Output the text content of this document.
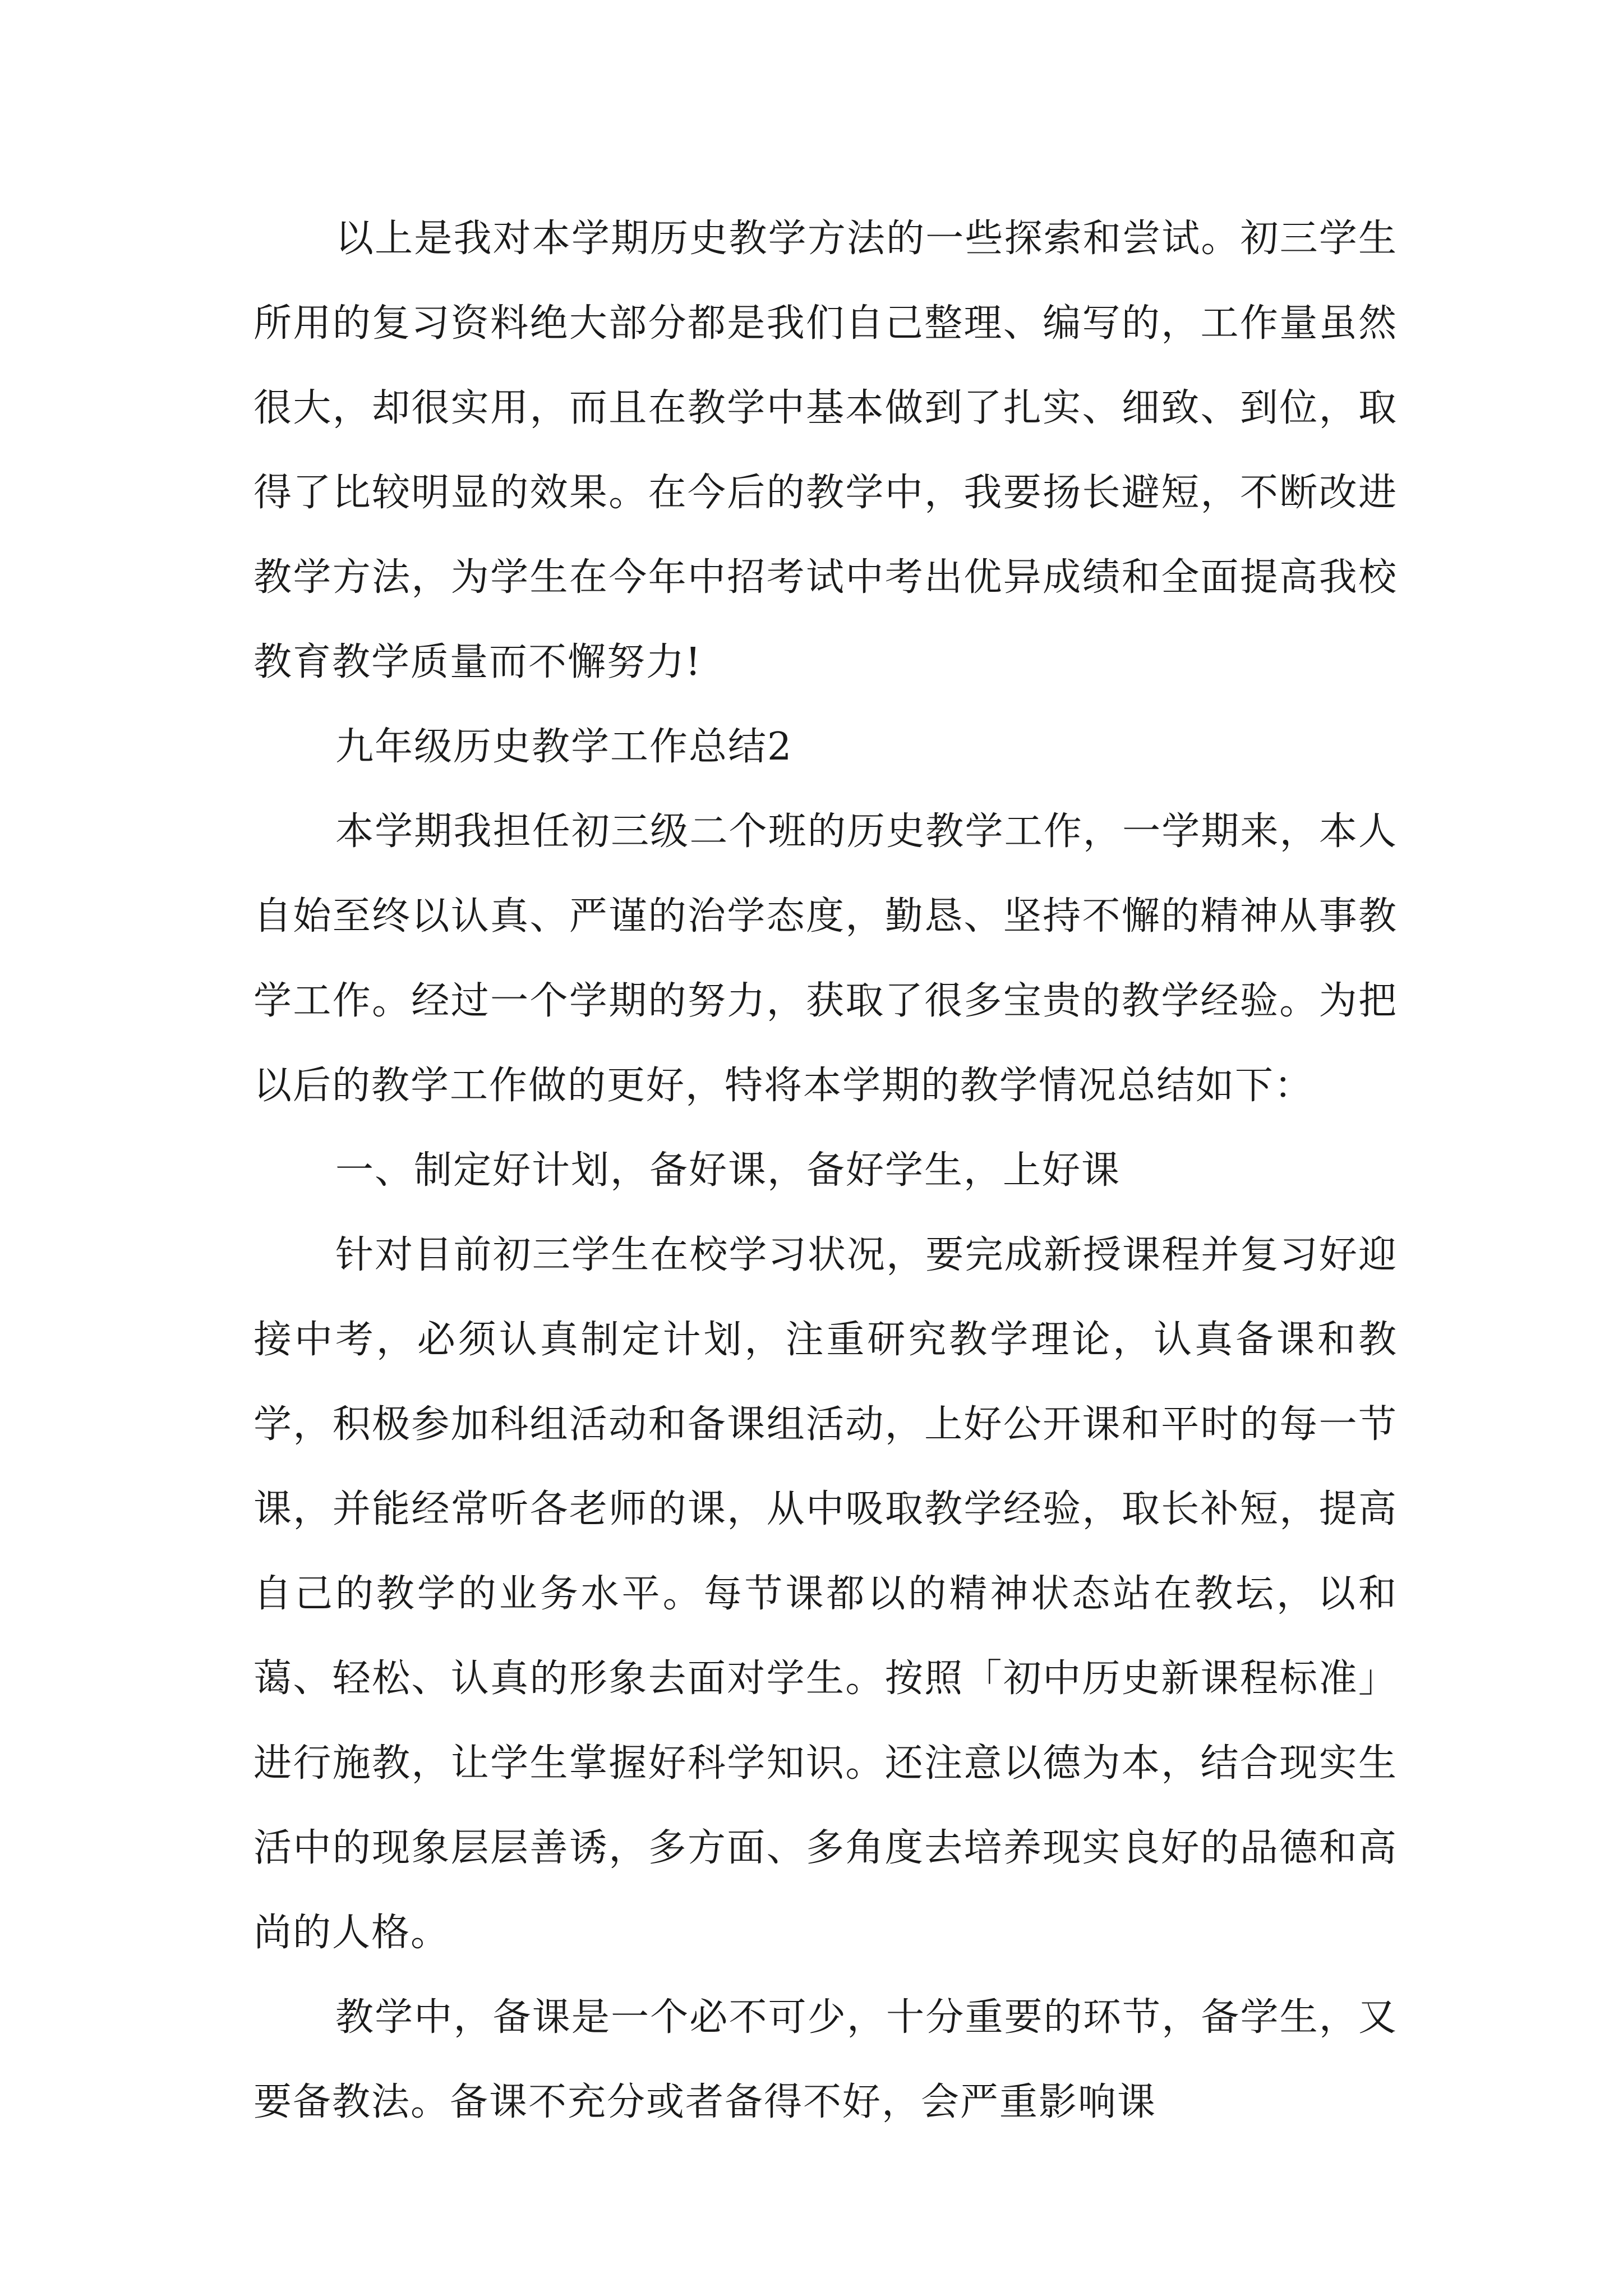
以上是我对本学期历史教学方法的一些探索和尝试。初三学生所用的复习资料绝大部分都是我们自己整理、编写的，工作量虽然很大，却很实用，而且在教学中基本做到了扎实、细致、到位，取得了比较明显的效果。在今后的教学中，我要扬长避短，不断改进教学方法，为学生在今年中招考试中考出优异成绩和全面提高我校教育教学质量而不懈努力!

九年级历史教学工作总结2

本学期我担任初三级二个班的历史教学工作，一学期来，本人自始至终以认真、严谨的治学态度，勤恳、坚持不懈的精神从事教学工作。经过一个学期的努力，获取了很多宝贵的教学经验。为把以后的教学工作做的更好，特将本学期的教学情况总结如下：

一、制定好计划，备好课，备好学生，上好课

针对目前初三学生在校学习状况，要完成新授课程并复习好迎接中考，必须认真制定计划，注重研究教学理论，认真备课和教学，积极参加科组活动和备课组活动，上好公开课和平时的每一节课，并能经常听各老师的课，从中吸取教学经验，取长补短，提高自己的教学的业务水平。每节课都以的精神状态站在教坛，以和蔼、轻松、认真的形象去面对学生。按照「初中历史新课程标准」进行施教，让学生掌握好科学知识。还注意以德为本，结合现实生活中的现象层层善诱，多方面、多角度去培养现实良好的品德和高尚的人格。

教学中，备课是一个必不可少，十分重要的环节，备学生，又要备教法。备课不充分或者备得不好，会严重影响课
